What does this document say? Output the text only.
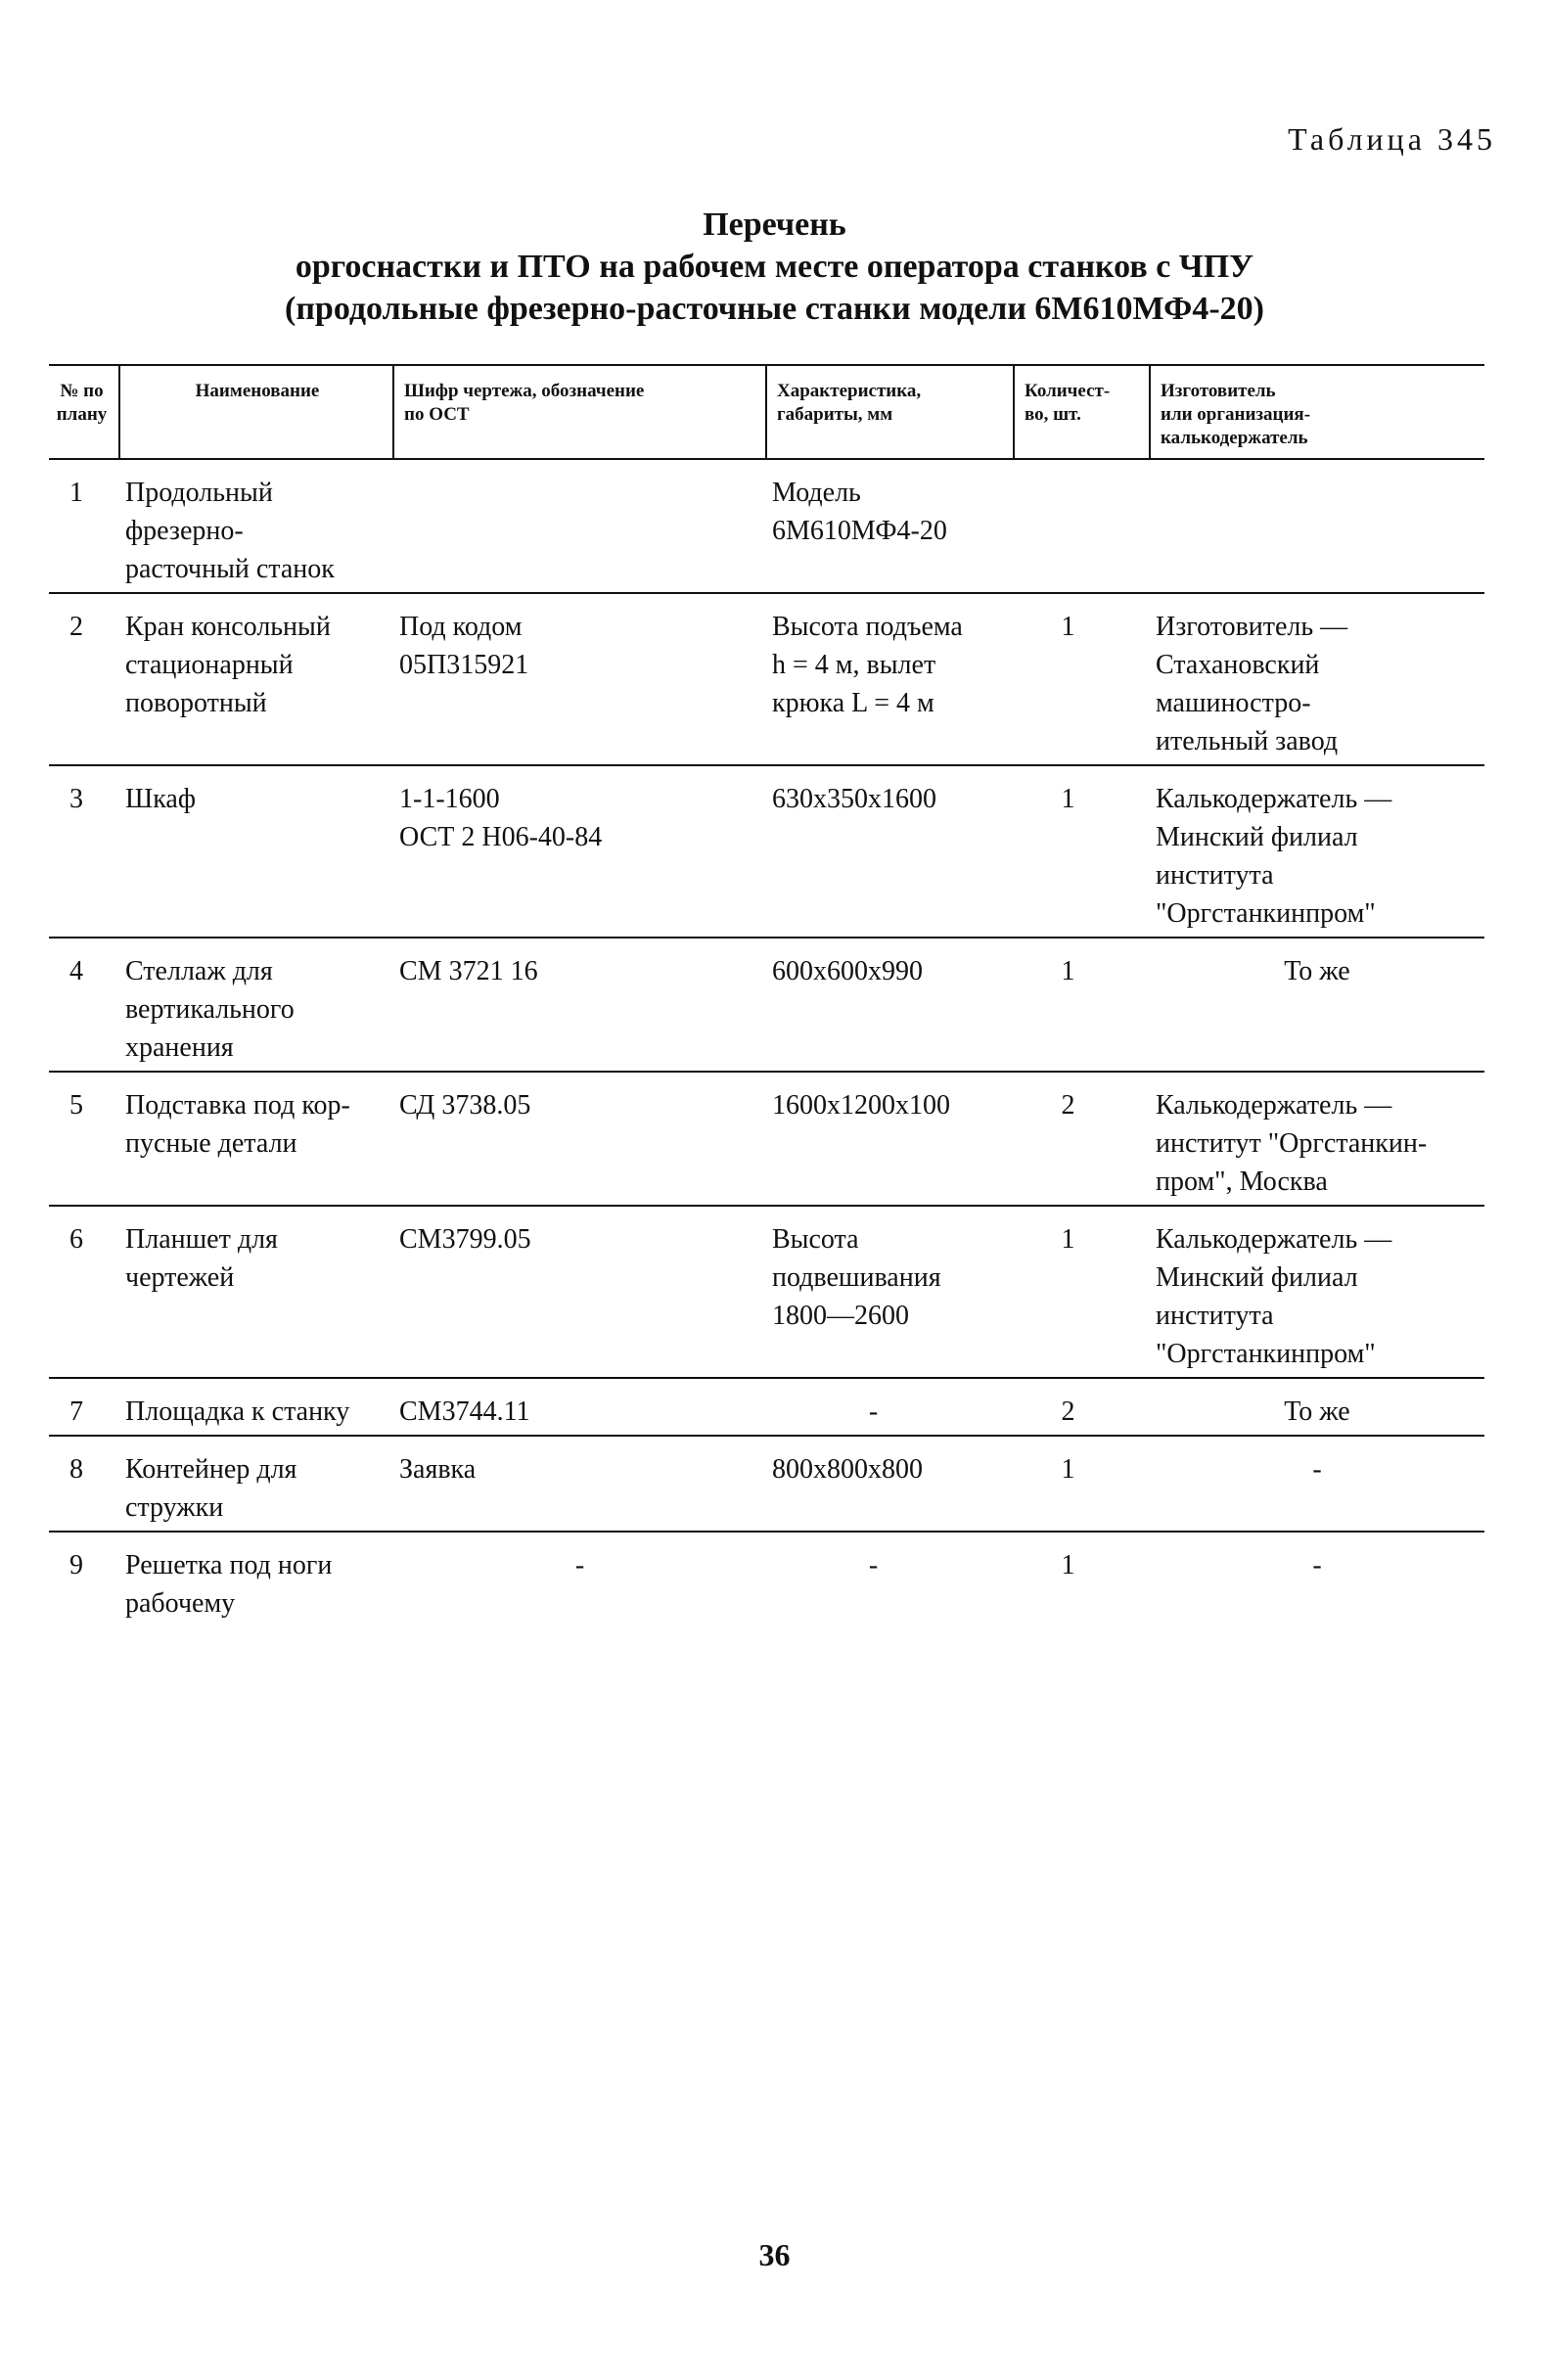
Таблица 345
Перечень
оргоснастки и ПТО на рабочем месте оператора станков с ЧПУ
(продольные фрезерно-расточные станки модели 6М610МФ4-20)
№ по
плану	Наименование	Шифр чертежа, обозначение
по ОСТ	Характеристика,
габариты, мм	Количест-
во, шт.	Изготовитель
или организация-
калькодержатель
1	Продольный
фрезерно-
расточный станок		Модель
6М610МФ4-20		
2	Кран консольный
стационарный
поворотный	Под кодом
05П315921	Высота подъема
h = 4 м, вылет
крюка L = 4 м	1	Изготовитель —
Стахановский
машиностро-
ительный завод
3	Шкаф	1-1-1600
ОСТ 2 Н06-40-84	630x350x1600	1	Калькодержатель —
Минский филиал
института
"Оргстанкинпром"
4	Стеллаж для
вертикального
хранения	СМ 3721 16	600x600x990	1	То же
5	Подставка под кор-
пусные детали	СД 3738.05	1600x1200x100	2	Калькодержатель —
институт "Оргстанкин-
пром", Москва
6	Планшет для
чертежей	СМ3799.05	Высота
подвешивания
1800—2600	1	Калькодержатель —
Минский филиал
института
"Оргстанкинпром"
7	Площадка к станку	СМ3744.11	-	2	То же
8	Контейнер для
стружки	Заявка	800x800x800	1	-
9	Решетка под ноги
рабочему	-	-	1	-
36
